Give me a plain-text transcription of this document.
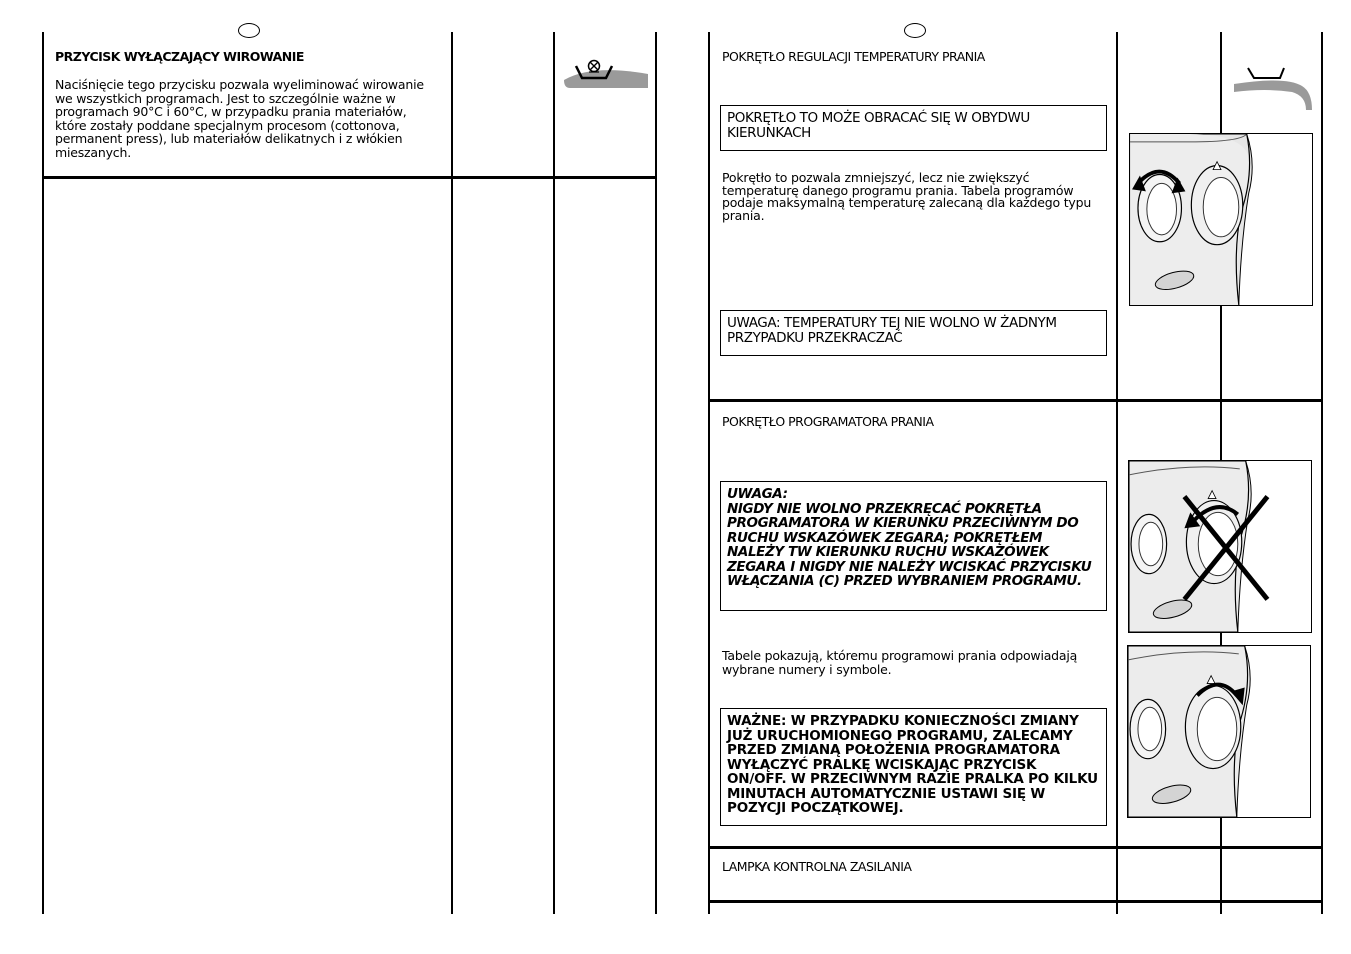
PRZYCISK WYŁĄCZAJĄCY WIROWANIE
Naciśnięcie tego przycisku pozwala wyeliminować wirowanie we wszystkich programach. Jest to szczególnie ważne w programach 90°C i 60°C, w przypadku prania materiałów, które zostały poddane specjalnym procesom (cottonova, permanent press), lub materiałów delikatnych i z włókien mieszanych.
POKRĘTŁO REGULACJI TEMPERATURY PRANIA
POKRĘTŁO TO MOŻE OBRACAĆ SIĘ W OBYDWU KIERUNKACH
Pokrętło to pozwala zmniejszyć, lecz nie zwiększyć temperaturę danego programu prania. Tabela programów podaje maksymalną temperaturę zalecaną dla każdego typu prania.
UWAGA: TEMPERATURY TEJ NIE WOLNO W ŻADNYM PRZYPADKU PRZEKRACZAĆ
POKRĘTŁO PROGRAMATORA PRANIA
UWAGA:
NIGDY NIE WOLNO PRZEKRĘCAĆ POKRĘTŁA PROGRAMATORA W KIERUNKU PRZECIWNYM DO RUCHU WSKAZÓWEK ZEGARA; POKRĘTŁEM NALEŻY TW KIERUNKU RUCHU WSKAZÓWEK ZEGARA I NIGDY NIE NALEŻY WCISKAĆ PRZYCISKU WŁĄCZANIA (C) PRZED WYBRANIEM PROGRAMU.
Tabele pokazują, któremu programowi prania odpowiadają wybrane numery i symbole.
WAŻNE: W PRZYPADKU KONIECZNOŚCI ZMIANY JUŻ URUCHOMIONEGO PROGRAMU, ZALECAMY PRZED ZMIANĄ POŁOŻENIA PROGRAMATORA WYŁĄCZYĆ PRALKĘ WCISKAJĄC PRZYCISK ON/OFF. W PRZECIWNYM RAZIE PRALKA PO KILKU MINUTACH AUTOMATYCZNIE USTAWI SIĘ W POZYCJI POCZĄTKOWEJ.
LAMPKA KONTROLNA ZASILANIA
